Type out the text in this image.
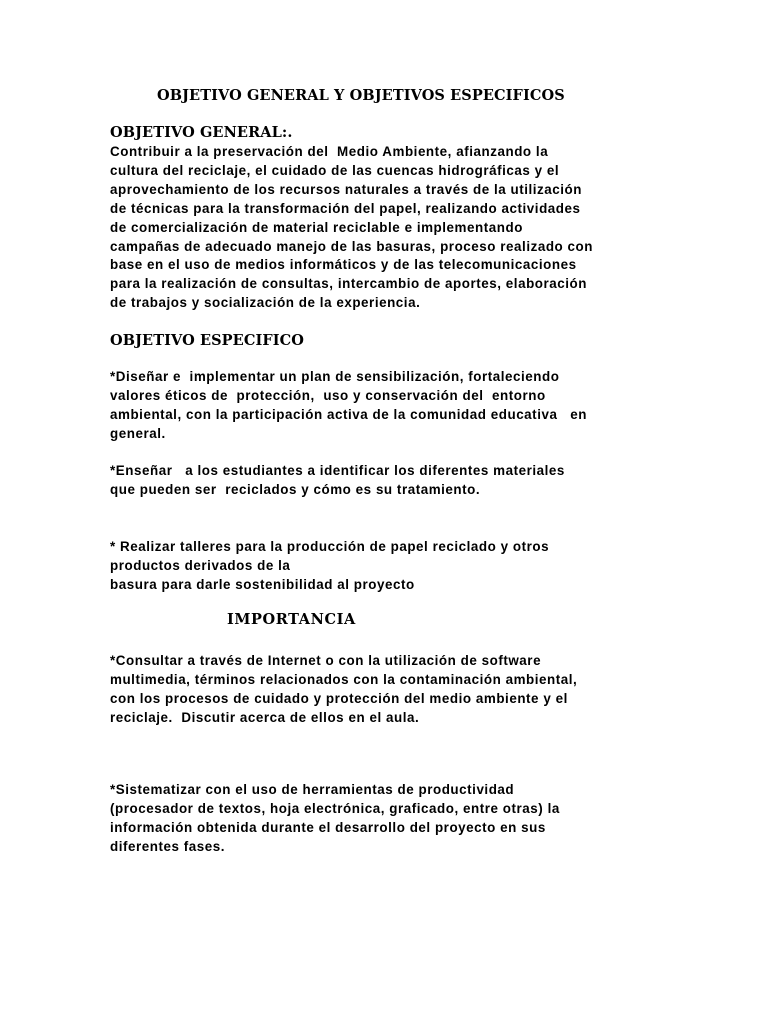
OBJETIVO GENERAL Y OBJETIVOS ESPECIFICOS
OBJETIVO GENERAL:.

Contribuir a la preservación del  Medio Ambiente, afianzando la
cultura del reciclaje, el cuidado de las cuencas hidrográficas y el
aprovechamiento de los recursos naturales a través de la utilización
de técnicas para la transformación del papel, realizando actividades
de comercialización de material reciclable e implementando
campañas de adecuado manejo de las basuras, proceso realizado con
base en el uso de medios informáticos y de las telecomunicaciones
para la realización de consultas, intercambio de aportes, elaboración
de trabajos y socialización de la experiencia.

OBJETIVO ESPECIFICO

*Diseñar e  implementar un plan de sensibilización, fortaleciendo
valores éticos de  protección,  uso y conservación del  entorno
ambiental, con la participación activa de la comunidad educativa   en
general.

*Enseñar   a los estudiantes a identificar los diferentes materiales
que pueden ser  reciclados y cómo es su tratamiento.

* Realizar talleres para la producción de papel reciclado y otros
productos derivados de la
basura para darle sostenibilidad al proyecto

IMPORTANCIA

*Consultar a través de Internet o con la utilización de software
multimedia, términos relacionados con la contaminación ambiental,
con los procesos de cuidado y protección del medio ambiente y el
reciclaje.  Discutir acerca de ellos en el aula.

*Sistematizar con el uso de herramientas de productividad
(procesador de textos, hoja electrónica, graficado, entre otras) la
información obtenida durante el desarrollo del proyecto en sus
diferentes fases.
